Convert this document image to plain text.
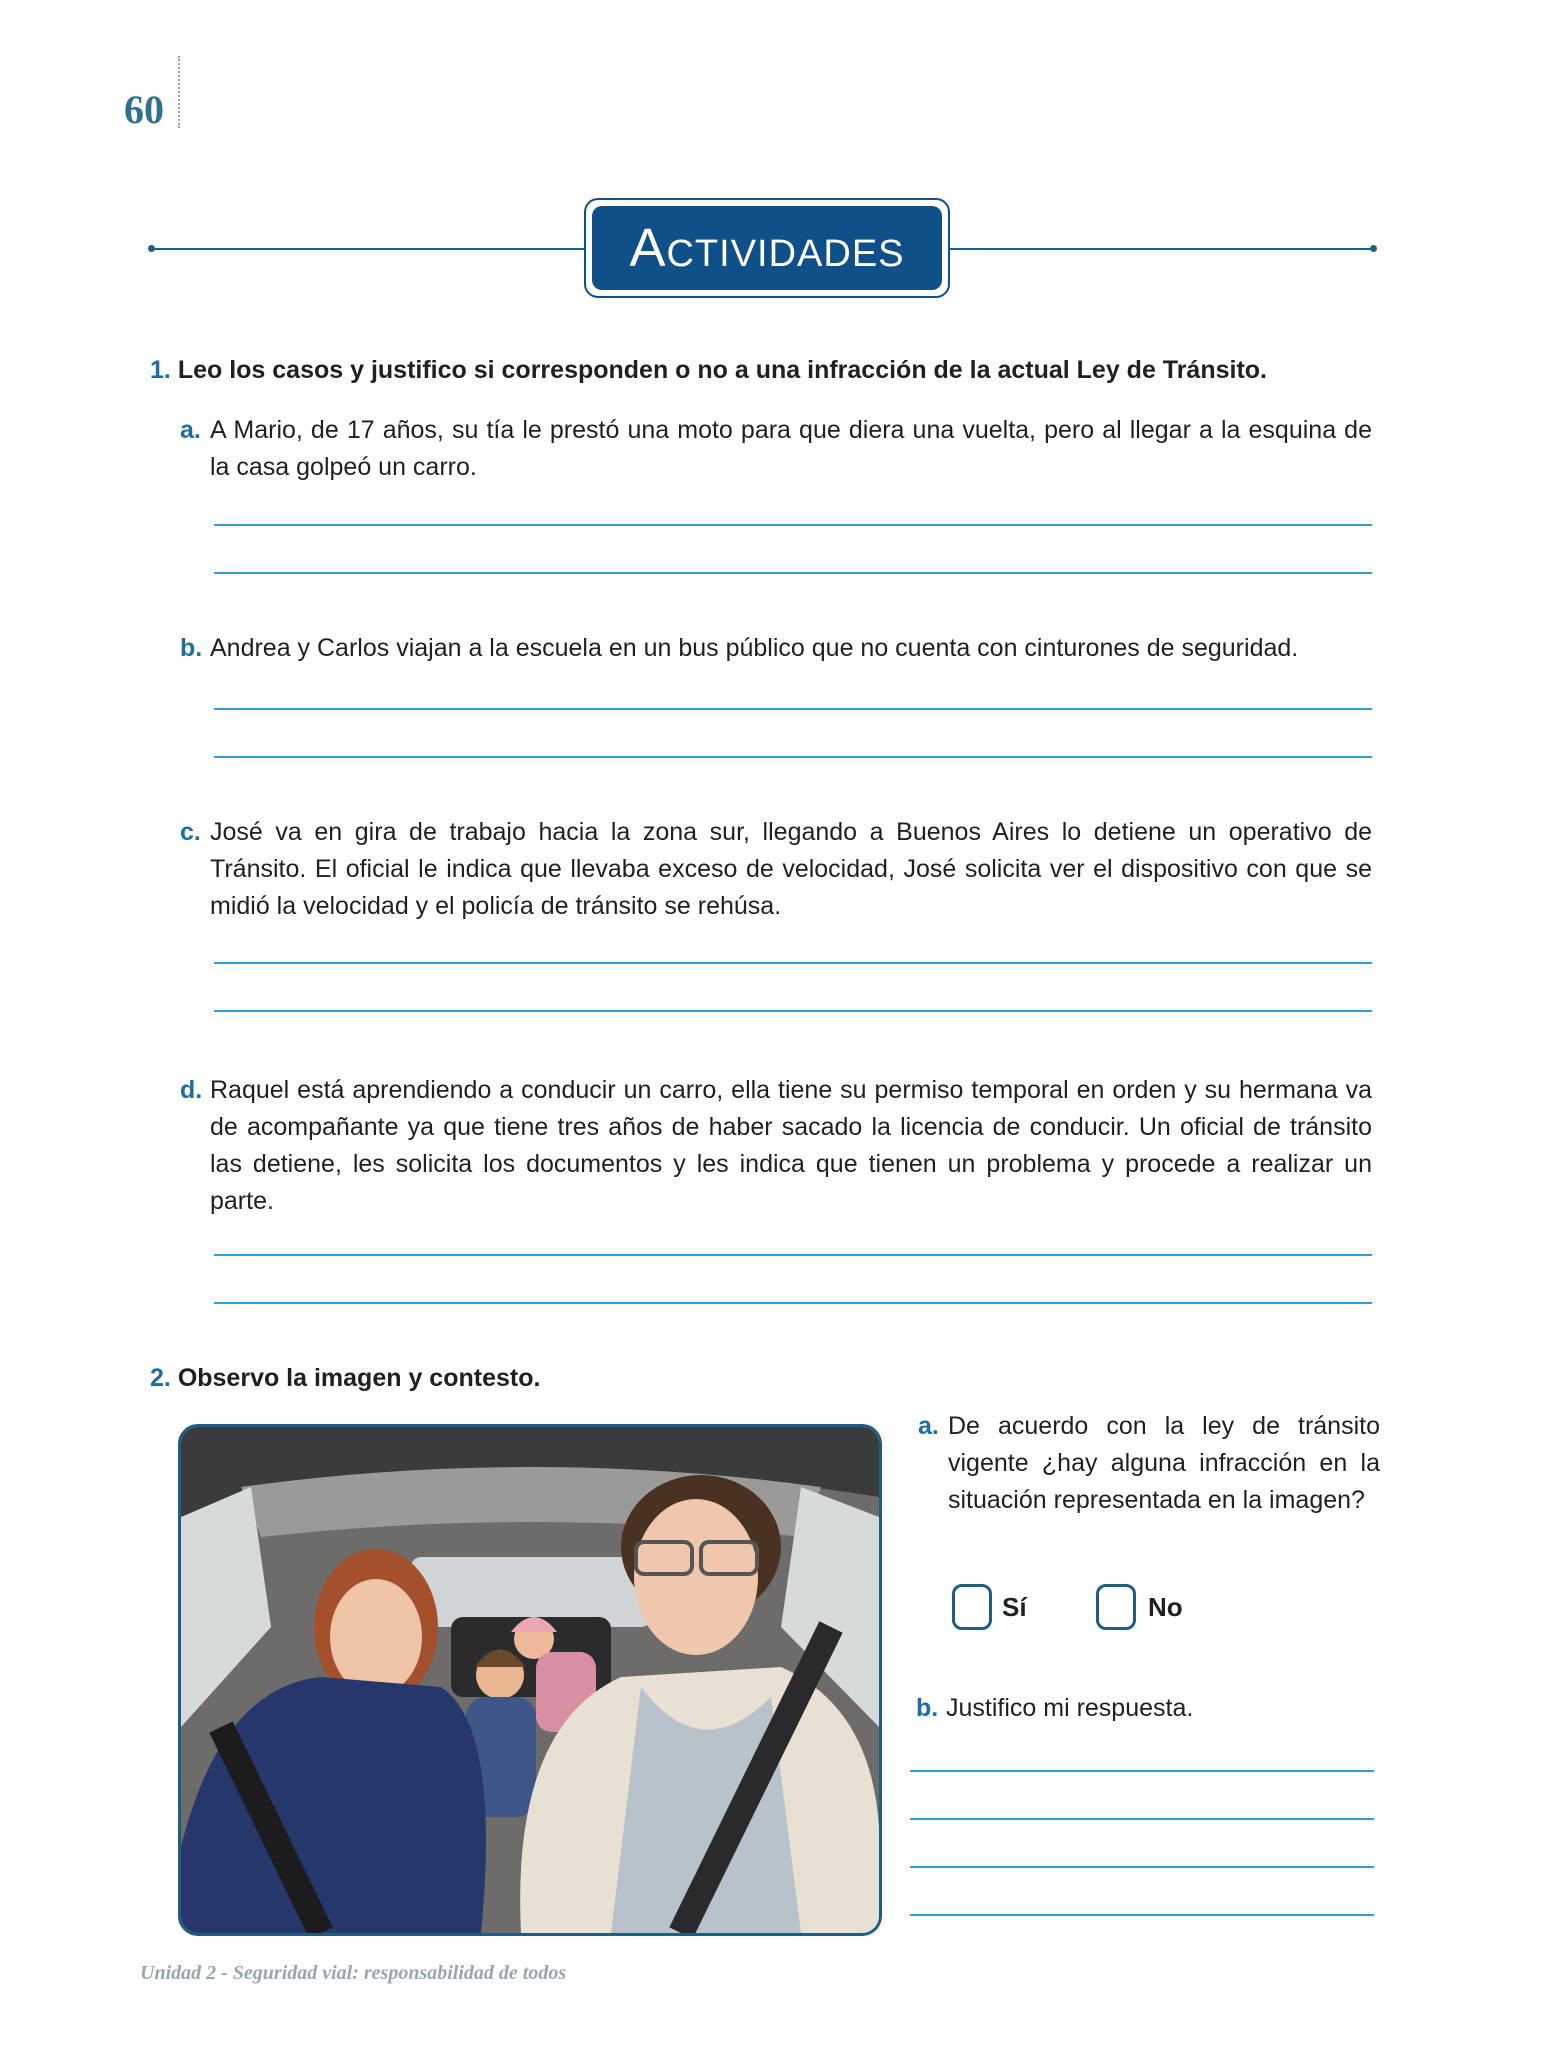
60
Actividades
1. Leo los casos y justifico si corresponden o no a una infracción de la actual Ley de Tránsito.
a. A Mario, de 17 años, su tía le prestó una moto para que diera una vuelta, pero al llegar a la esquina de la casa golpeó un carro.
b. Andrea y Carlos viajan a la escuela en un bus público que no cuenta con cinturones de seguridad.
c. José va en gira de trabajo hacia la zona sur, llegando a Buenos Aires lo detiene un operativo de Tránsito. El oficial le indica que llevaba exceso de velocidad, José solicita ver el dispositivo con que se midió la velocidad y el policía de tránsito se rehúsa.
d. Raquel está aprendiendo a conducir un carro, ella tiene su permiso temporal en orden y su hermana va de acompañante ya que tiene tres años de haber sacado la licencia de conducir. Un oficial de tránsito las detiene, les solicita los documentos y les indica que tienen un problema y procede a realizar un parte.
2. Observo la imagen y contesto.
a. De acuerdo con la ley de tránsito vigente ¿hay alguna infracción en la situación representada en la imagen?
Sí	No
b. Justifico mi respuesta.
Unidad 2 - Seguridad vial: responsabilidad de todos
